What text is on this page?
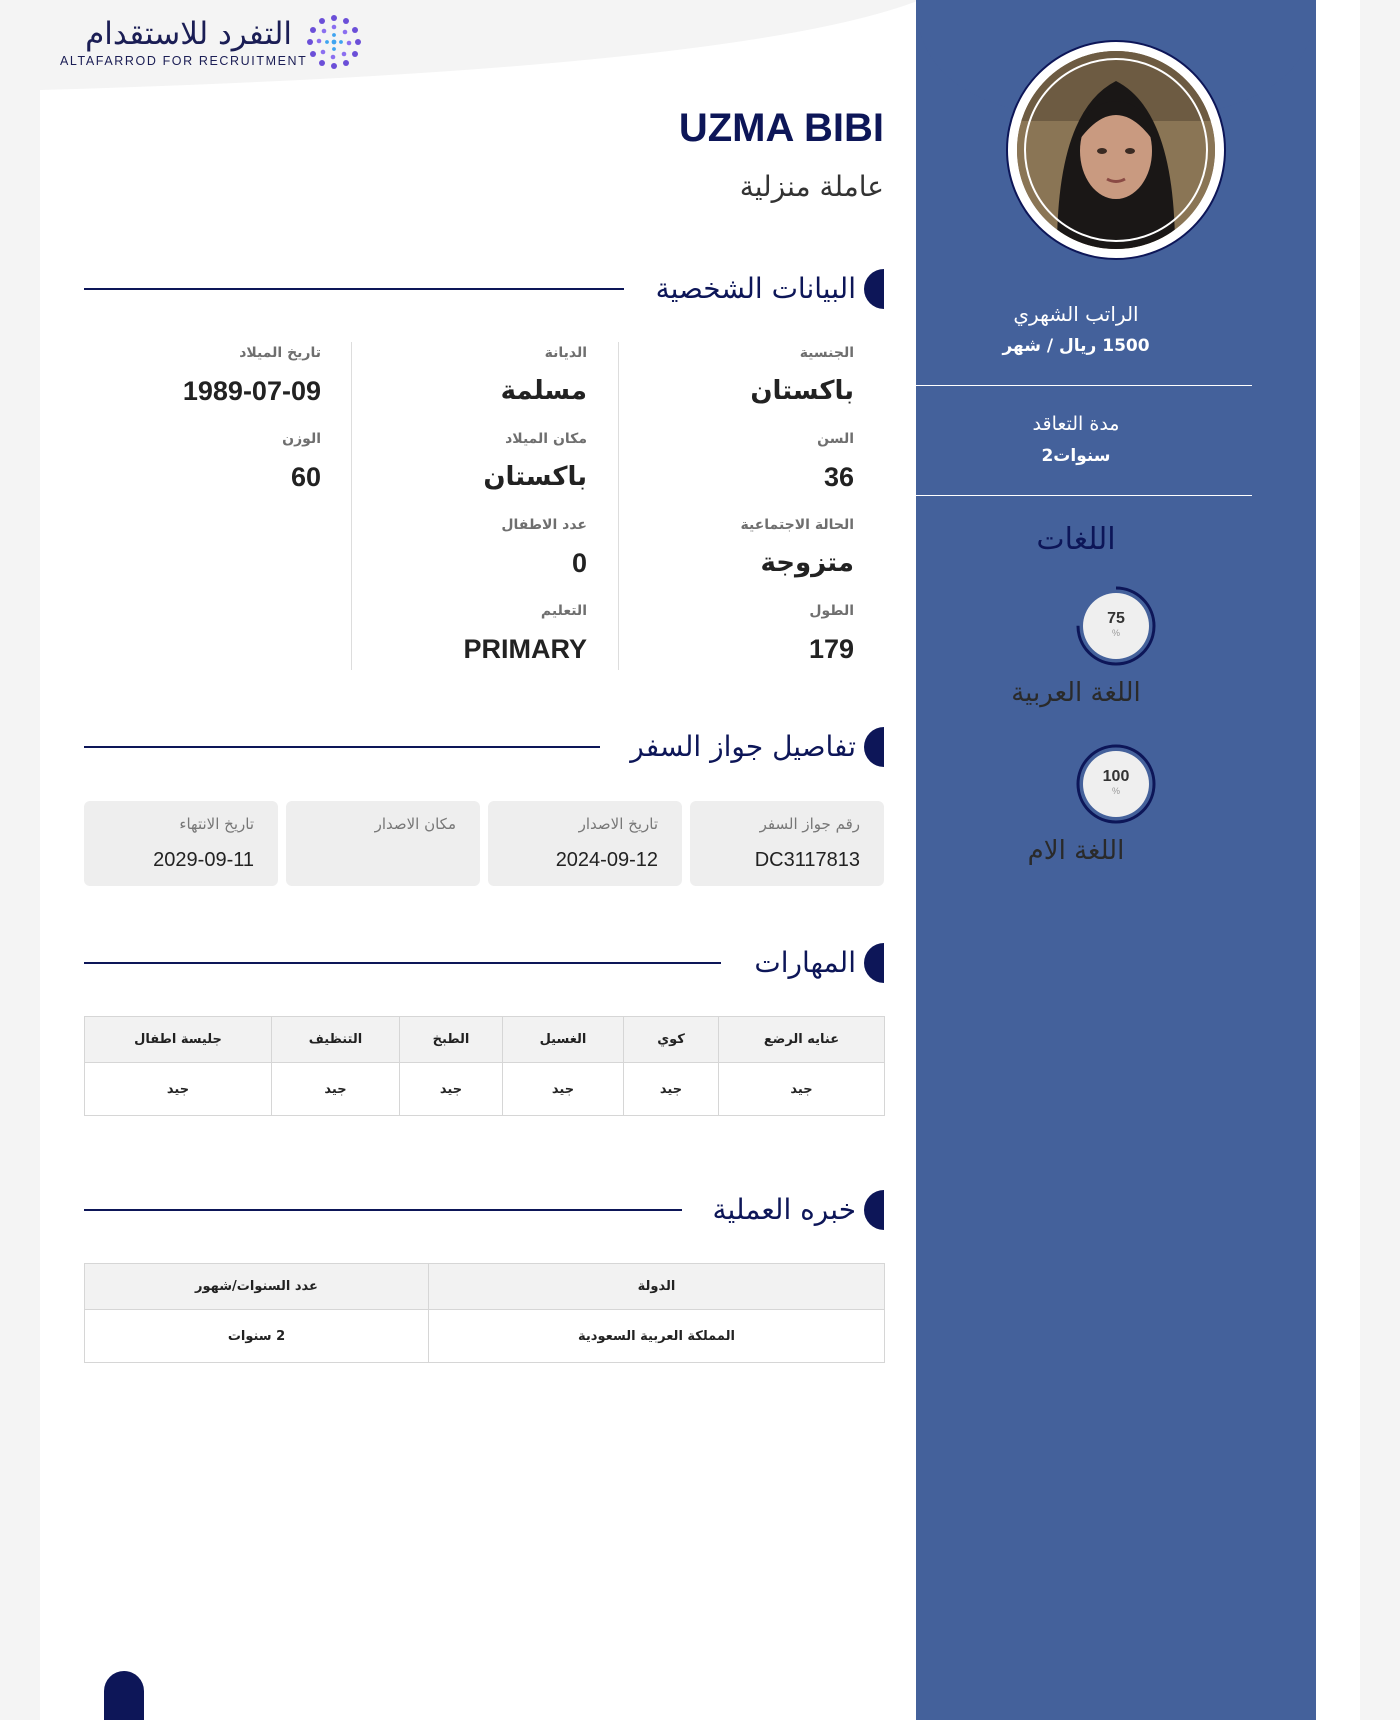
التفرد للاستقدام
ALTAFARROD FOR RECRUITMENT
الراتب الشهري
1500 ريال / شهر
مدة التعاقد
2سنوات
اللغات
75
%
اللغة العربية
100
%
اللغة الام
UZMA BIBI
عاملة منزلية
البيانات الشخصية
الجنسية
باكستان
الديانة
مسلمة
تاريخ الميلاد
1989-07-09
السن
36
مكان الميلاد
باكستان
الوزن
60
الحالة الاجتماعية
متزوجة
عدد الاطفال
0
الطول
179
التعليم
PRIMARY
تفاصيل جواز السفر
رقم جواز السفر
DC3117813
تاريخ الاصدار
2024-09-12
مكان الاصدار
تاريخ الانتهاء
2029-09-11
المهارات
عنايه الرضع	كوي	الغسيل	الطبخ	التنظيف	جليسة اطفال
جيد	جيد	جيد	جيد	جيد	جيد
خبره العملية
الدولة	عدد السنوات/شهور
المملكة العربية السعودية	2 سنوات
